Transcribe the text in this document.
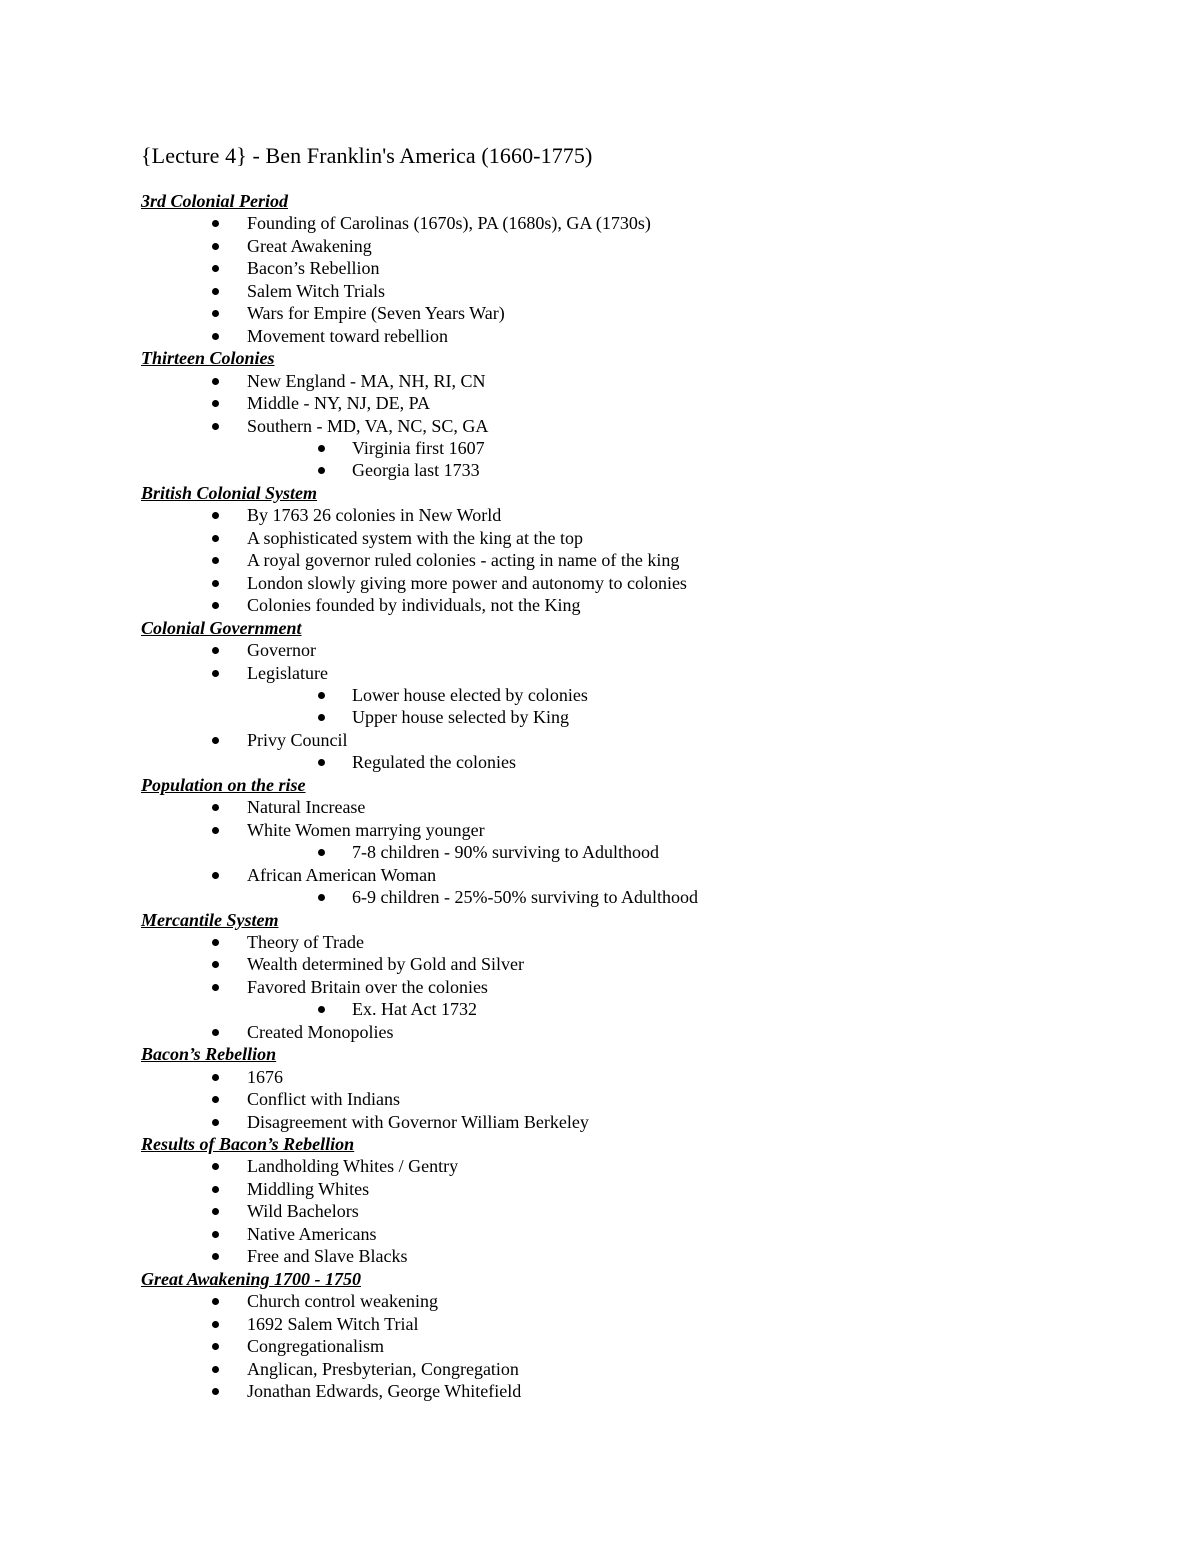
{Lecture 4} - Ben Franklin's America (1660-1775)
3rd Colonial Period
Founding of Carolinas (1670s), PA (1680s), GA (1730s)
Great Awakening
Bacon’s Rebellion
Salem Witch Trials
Wars for Empire (Seven Years War)
Movement toward rebellion
Thirteen Colonies
New England - MA, NH, RI, CN
Middle - NY, NJ, DE, PA
Southern - MD, VA, NC, SC, GA
Virginia first 1607
Georgia last 1733
British Colonial System
By 1763 26 colonies in New World
A sophisticated system with the king at the top
A royal governor ruled colonies - acting in name of the king
London slowly giving more power and autonomy to colonies
Colonies founded by individuals, not the King
Colonial Government
Governor
Legislature
Lower house elected by colonies
Upper house selected by King
Privy Council
Regulated the colonies
Population on the rise
Natural Increase
White Women marrying younger
7-8 children - 90% surviving to Adulthood
African American Woman
6-9 children - 25%-50% surviving to Adulthood
Mercantile System
Theory of Trade
Wealth determined by Gold and Silver
Favored Britain over the colonies
Ex. Hat Act 1732
Created Monopolies
Bacon’s Rebellion
1676
Conflict with Indians
Disagreement with Governor William Berkeley
Results of Bacon’s Rebellion
Landholding Whites / Gentry
Middling Whites
Wild Bachelors
Native Americans
Free and Slave Blacks
Great Awakening 1700 - 1750
Church control weakening
1692 Salem Witch Trial
Congregationalism
Anglican, Presbyterian, Congregation
Jonathan Edwards, George Whitefield
